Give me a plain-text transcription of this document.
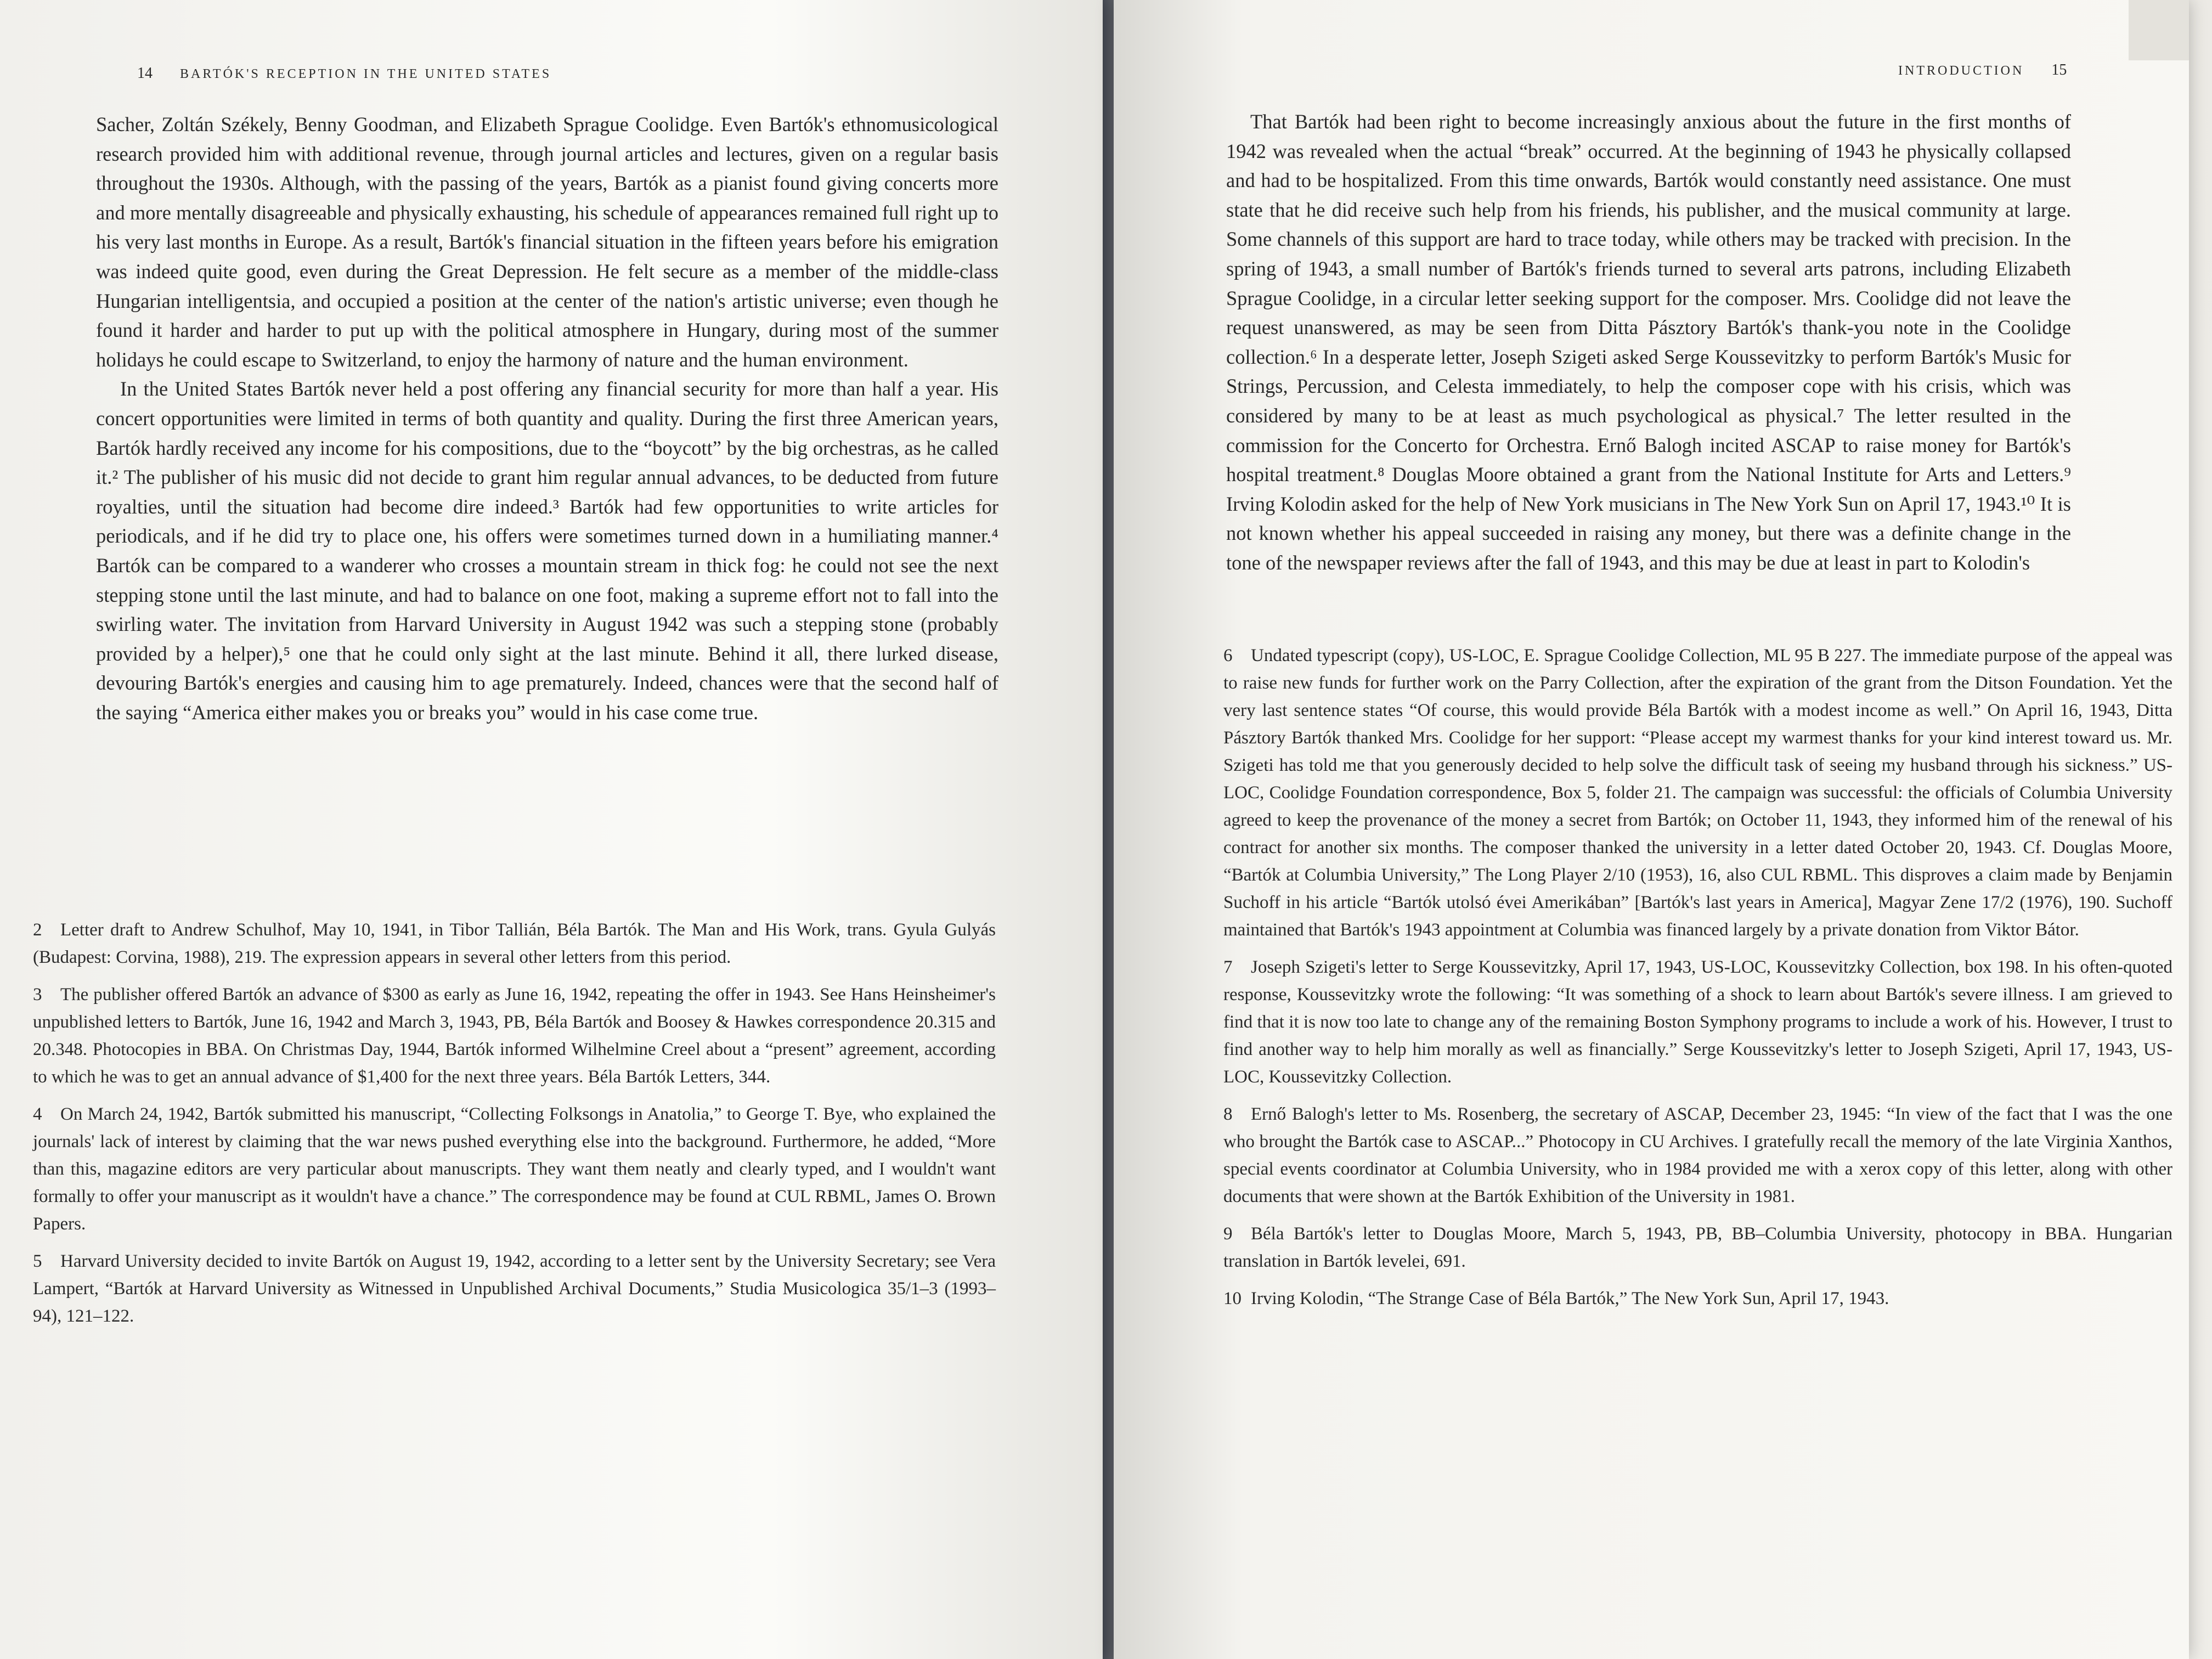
14 BARTÓK'S RECEPTION IN THE UNITED STATES

Sacher, Zoltán Székely, Benny Goodman, and Elizabeth Sprague Coolidge. Even Bartók's ethnomusicological research provided him with additional revenue, through journal articles and lectures, given on a regular basis throughout the 1930s. Although, with the passing of the years, Bartók as a pianist found giving concerts more and more mentally disagreeable and physically exhausting, his schedule of appearances remained full right up to his very last months in Europe. As a result, Bartók's financial situation in the fifteen years before his emigration was indeed quite good, even during the Great Depression. He felt secure as a member of the middle-class Hungarian intelligentsia, and occupied a position at the center of the nation's artistic universe; even though he found it harder and harder to put up with the political atmosphere in Hungary, during most of the summer holidays he could escape to Switzerland, to enjoy the harmony of nature and the human environment.

In the United States Bartók never held a post offering any financial security for more than half a year. His concert opportunities were limited in terms of both quantity and quality. During the first three American years, Bartók hardly received any income for his compositions, due to the “boycott” by the big orchestras, as he called it.² The publisher of his music did not decide to grant him regular annual advances, to be deducted from future royalties, until the situation had become dire indeed.³ Bartók had few opportunities to write articles for periodicals, and if he did try to place one, his offers were sometimes turned down in a humiliating manner.⁴ Bartók can be compared to a wanderer who crosses a mountain stream in thick fog: he could not see the next stepping stone until the last minute, and had to balance on one foot, making a supreme effort not to fall into the swirling water. The invitation from Harvard University in August 1942 was such a stepping stone (probably provided by a helper),⁵ one that he could only sight at the last minute. Behind it all, there lurked disease, devouring Bartók's energies and causing him to age prematurely. Indeed, chances were that the second half of the saying “America either makes you or breaks you” would in his case come true.

2 Letter draft to Andrew Schulhof, May 10, 1941, in Tibor Tallián, Béla Bartók. The Man and His Work, trans. Gyula Gulyás (Budapest: Corvina, 1988), 219. The expression appears in several other letters from this period.
3 The publisher offered Bartók an advance of $300 as early as June 16, 1942, repeating the offer in 1943. See Hans Heinsheimer's unpublished letters to Bartók, June 16, 1942 and March 3, 1943, PB, Béla Bartók and Boosey & Hawkes correspondence 20.315 and 20.348. Photocopies in BBA. On Christmas Day, 1944, Bartók informed Wilhelmine Creel about a “present” agreement, according to which he was to get an annual advance of $1,400 for the next three years. Béla Bartók Letters, 344.
4 On March 24, 1942, Bartók submitted his manuscript, “Collecting Folksongs in Anatolia,” to George T. Bye, who explained the journals' lack of interest by claiming that the war news pushed everything else into the background. Furthermore, he added, “More than this, magazine editors are very particular about manuscripts. They want them neatly and clearly typed, and I wouldn't want formally to offer your manuscript as it wouldn't have a chance.” The correspondence may be found at CUL RBML, James O. Brown Papers.
5 Harvard University decided to invite Bartók on August 19, 1942, according to a letter sent by the University Secretary; see Vera Lampert, “Bartók at Harvard University as Witnessed in Unpublished Archival Documents,” Studia Musicologica 35/1–3 (1993–94), 121–122.
INTRODUCTION 15

That Bartók had been right to become increasingly anxious about the future in the first months of 1942 was revealed when the actual “break” occurred. At the beginning of 1943 he physically collapsed and had to be hospitalized. From this time onwards, Bartók would constantly need assistance. One must state that he did receive such help from his friends, his publisher, and the musical community at large. Some channels of this support are hard to trace today, while others may be tracked with precision. In the spring of 1943, a small number of Bartók's friends turned to several arts patrons, including Elizabeth Sprague Coolidge, in a circular letter seeking support for the composer. Mrs. Coolidge did not leave the request unanswered, as may be seen from Ditta Pásztory Bartók's thank-you note in the Coolidge collection.⁶ In a desperate letter, Joseph Szigeti asked Serge Koussevitzky to perform Bartók's Music for Strings, Percussion, and Celesta immediately, to help the composer cope with his crisis, which was considered by many to be at least as much psychological as physical.⁷ The letter resulted in the commission for the Concerto for Orchestra. Ernő Balogh incited ASCAP to raise money for Bartók's hospital treatment.⁸ Douglas Moore obtained a grant from the National Institute for Arts and Letters.⁹ Irving Kolodin asked for the help of New York musicians in The New York Sun on April 17, 1943.¹⁰ It is not known whether his appeal succeeded in raising any money, but there was a definite change in the tone of the newspaper reviews after the fall of 1943, and this may be due at least in part to Kolodin's

6 Undated typescript (copy), US-LOC, E. Sprague Coolidge Collection, ML 95 B 227. The immediate purpose of the appeal was to raise new funds for further work on the Parry Collection, after the expiration of the grant from the Ditson Foundation. Yet the very last sentence states “Of course, this would provide Béla Bartók with a modest income as well.” On April 16, 1943, Ditta Pásztory Bartók thanked Mrs. Coolidge for her support: “Please accept my warmest thanks for your kind interest toward us. Mr. Szigeti has told me that you generously decided to help solve the difficult task of seeing my husband through his sickness.” US-LOC, Coolidge Foundation correspondence, Box 5, folder 21. The campaign was successful: the officials of Columbia University agreed to keep the provenance of the money a secret from Bartók; on October 11, 1943, they informed him of the renewal of his contract for another six months. The composer thanked the university in a letter dated October 20, 1943. Cf. Douglas Moore, “Bartók at Columbia University,” The Long Player 2/10 (1953), 16, also CUL RBML. This disproves a claim made by Benjamin Suchoff in his article “Bartók utolsó évei Amerikában” [Bartók's last years in America], Magyar Zene 17/2 (1976), 190. Suchoff maintained that Bartók's 1943 appointment at Columbia was financed largely by a private donation from Viktor Bátor.
7 Joseph Szigeti's letter to Serge Koussevitzky, April 17, 1943, US-LOC, Koussevitzky Collection, box 198. In his often-quoted response, Koussevitzky wrote the following: “It was something of a shock to learn about Bartók's severe illness. I am grieved to find that it is now too late to change any of the remaining Boston Symphony programs to include a work of his. However, I trust to find another way to help him morally as well as financially.” Serge Koussevitzky's letter to Joseph Szigeti, April 17, 1943, US-LOC, Koussevitzky Collection.
8 Ernő Balogh's letter to Ms. Rosenberg, the secretary of ASCAP, December 23, 1945: “In view of the fact that I was the one who brought the Bartók case to ASCAP...” Photocopy in CU Archives. I gratefully recall the memory of the late Virginia Xanthos, special events coordinator at Columbia University, who in 1984 provided me with a xerox copy of this letter, along with other documents that were shown at the Bartók Exhibition of the University in 1981.
9 Béla Bartók's letter to Douglas Moore, March 5, 1943, PB, BB–Columbia University, photocopy in BBA. Hungarian translation in Bartók levelei, 691.
10 Irving Kolodin, “The Strange Case of Béla Bartók,” The New York Sun, April 17, 1943.
